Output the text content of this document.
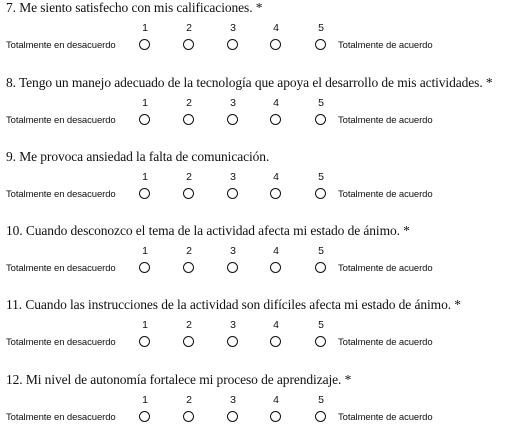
7. Me siento satisfecho con mis calificaciones. *
1	2	3	4	5
Totalmente en desacuerdo	Totalmente de acuerdo
8. Tengo un manejo adecuado de la tecnología que apoya el desarrollo de mis actividades. *
1	2	3	4	5
Totalmente en desacuerdo	Totalmente de acuerdo
9. Me provoca ansiedad la falta de comunicación.
1	2	3	4	5
Totalmente en desacuerdo	Totalmente de acuerdo
10. Cuando desconozco el tema de la actividad afecta mi estado de ánimo. *
1	2	3	4	5
Totalmente en desacuerdo	Totalmente de acuerdo
11. Cuando las instrucciones de la actividad son difíciles afecta mi estado de ánimo. *
1	2	3	4	5
Totalmente en desacuerdo	Totalmente de acuerdo
12. Mi nivel de autonomía fortalece mi proceso de aprendizaje. *
1	2	3	4	5
Totalmente en desacuerdo	Totalmente de acuerdo
